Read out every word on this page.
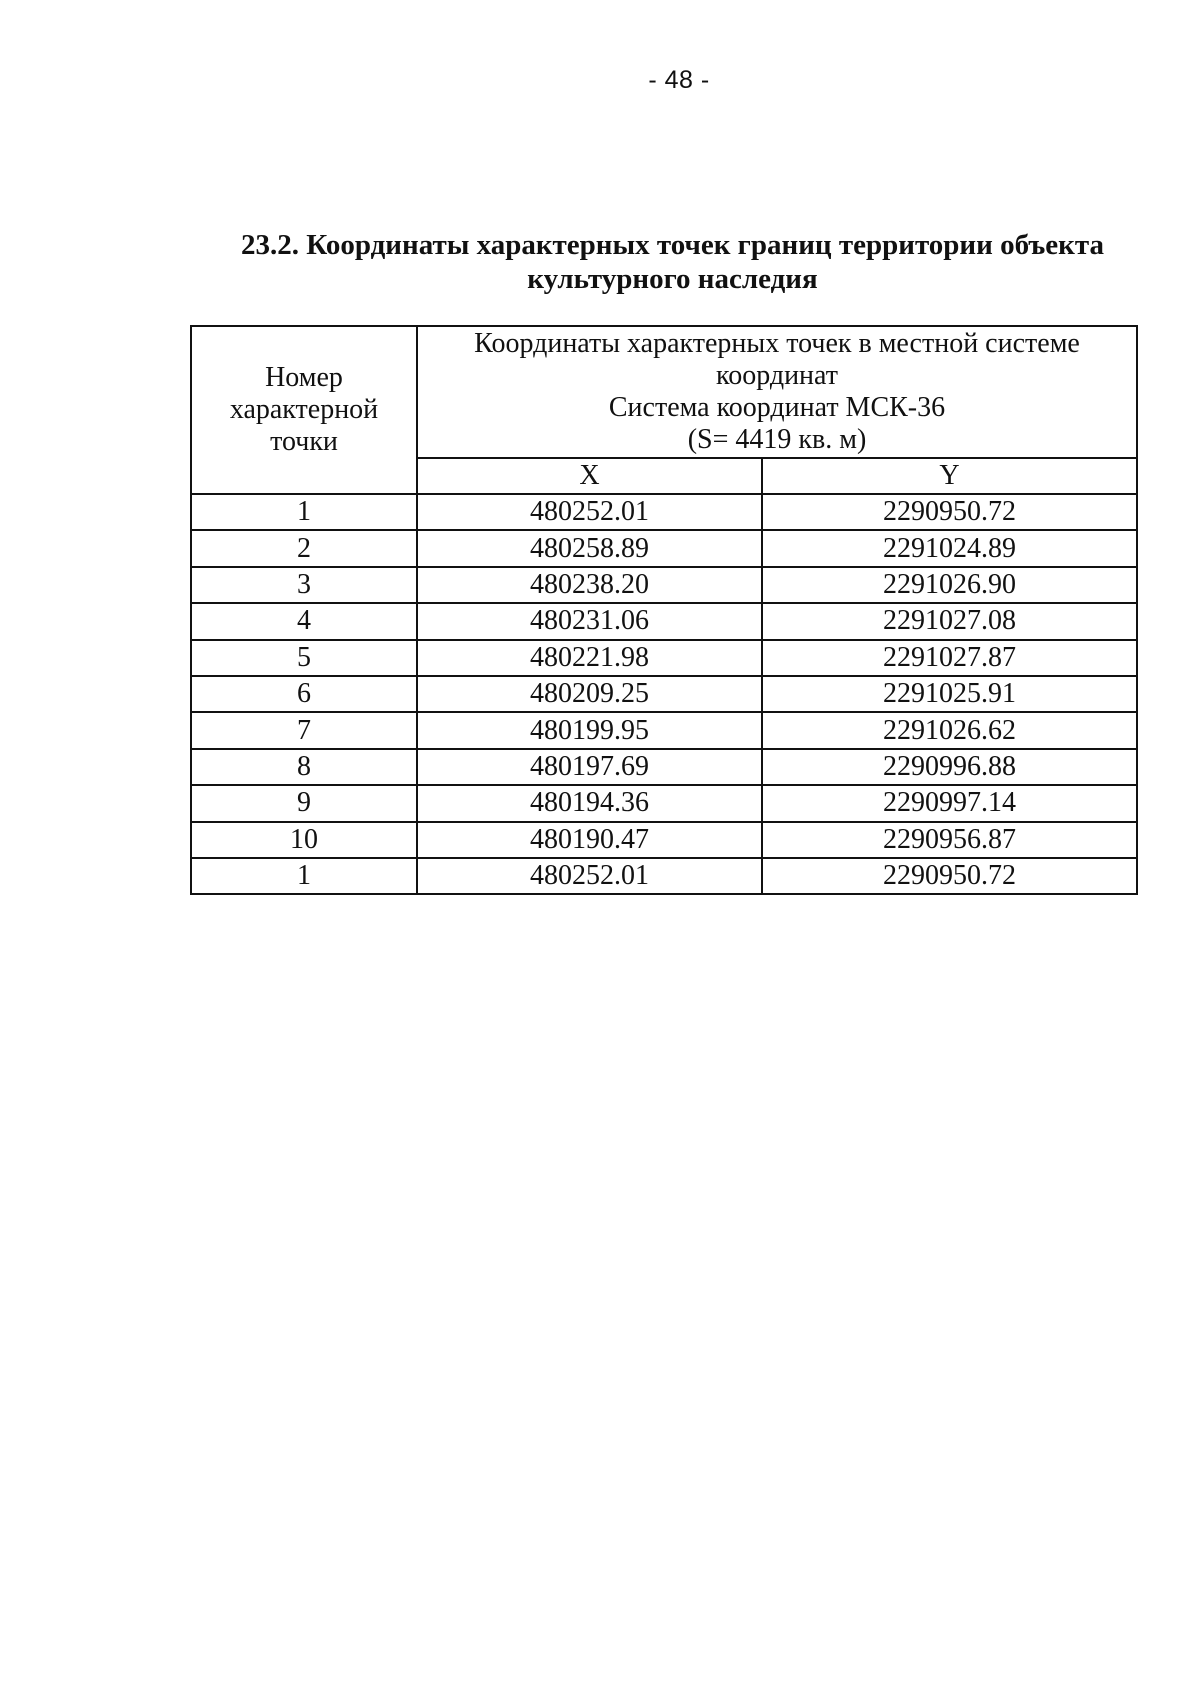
- 48 -
23.2. Координаты характерных точек границ территории объекта
культурного наследия
Номер
характерной
точки	Координаты характерных точек в местной системе
координат
Система координат МСК-36
(S= 4419 кв. м)	

	X	Y
1	480252.01	2290950.72
2	480258.89	2291024.89
3	480238.20	2291026.90
4	480231.06	2291027.08
5	480221.98	2291027.87
6	480209.25	2291025.91
7	480199.95	2291026.62
8	480197.69	2290996.88
9	480194.36	2290997.14
10	480190.47	2290956.87
1	480252.01	2290950.72
